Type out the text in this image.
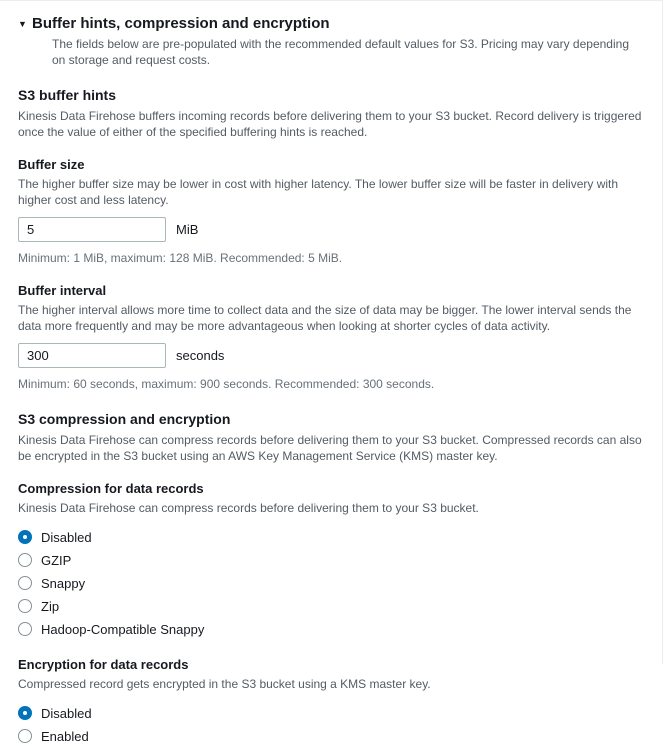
▼ Buffer hints, compression and encryption
The fields below are pre-populated with the recommended default values for S3. Pricing may vary depending on storage and request costs.
S3 buffer hints
Kinesis Data Firehose buffers incoming records before delivering them to your S3 bucket. Record delivery is triggered once the value of either of the specified buffering hints is reached.
Buffer size
The higher buffer size may be lower in cost with higher latency. The lower buffer size will be faster in delivery with higher cost and less latency.
5
MiB
Minimum: 1 MiB, maximum: 128 MiB. Recommended: 5 MiB.
Buffer interval
The higher interval allows more time to collect data and the size of data may be bigger. The lower interval sends the data more frequently and may be more advantageous when looking at shorter cycles of data activity.
300
seconds
Minimum: 60 seconds, maximum: 900 seconds. Recommended: 300 seconds.
S3 compression and encryption
Kinesis Data Firehose can compress records before delivering them to your S3 bucket. Compressed records can also be encrypted in the S3 bucket using an AWS Key Management Service (KMS) master key.
Compression for data records
Kinesis Data Firehose can compress records before delivering them to your S3 bucket.
Disabled
GZIP
Snappy
Zip
Hadoop-Compatible Snappy
Encryption for data records
Compressed record gets encrypted in the S3 bucket using a KMS master key.
Disabled
Enabled
